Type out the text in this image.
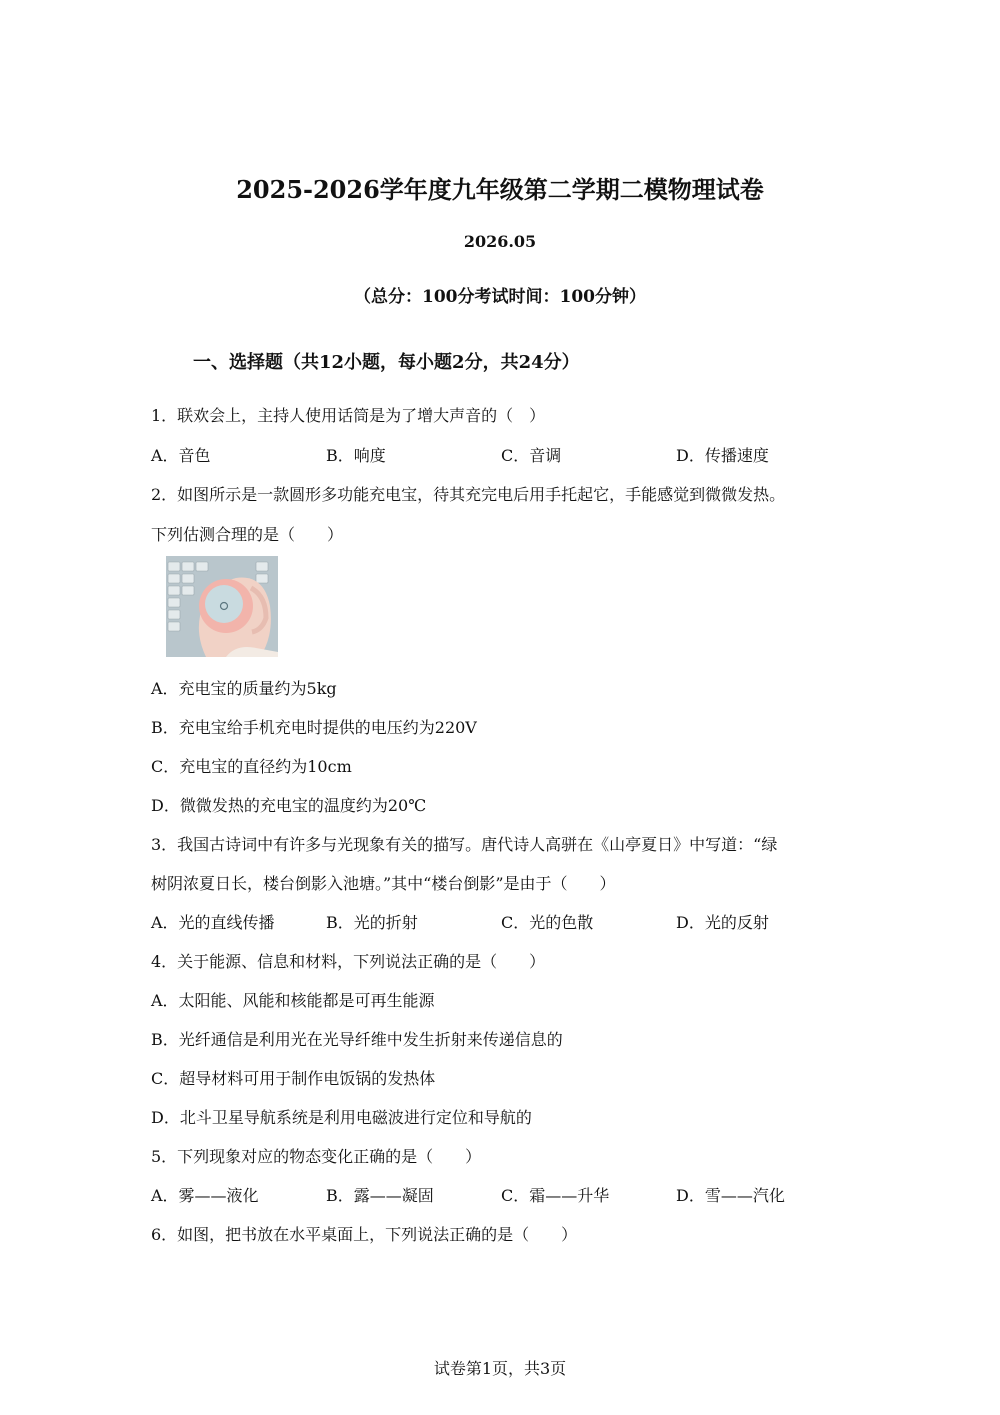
2025-2026学年度九年级第二学期二模物理试卷
2026.05
（总分：100分考试时间：100分钟）
一、选择题（共12小题，每小题2分，共24分）
1．联欢会上，主持人使用话筒是为了增大声音的（　）
A．音色	B．响度	C．音调	D．传播速度
2．如图所示是一款圆形多功能充电宝，待其充完电后用手托起它，手能感觉到微微发热。
下列估测合理的是（　　）
A．充电宝的质量约为5kg
B．充电宝给手机充电时提供的电压约为220V
C．充电宝的直径约为10cm
D．微微发热的充电宝的温度约为20℃
3．我国古诗词中有许多与光现象有关的描写。唐代诗人高骈在《山亭夏日》中写道：“绿
树阴浓夏日长，楼台倒影入池塘。”其中“楼台倒影”是由于（　　）
A．光的直线传播	B．光的折射	C．光的色散	D．光的反射
4．关于能源、信息和材料，下列说法正确的是（　　）
A．太阳能、风能和核能都是可再生能源
B．光纤通信是利用光在光导纤维中发生折射来传递信息的
C．超导材料可用于制作电饭锅的发热体
D．北斗卫星导航系统是利用电磁波进行定位和导航的
5．下列现象对应的物态变化正确的是（　　）
A．雾——液化	B．露——凝固	C．霜——升华	D．雪——汽化
6．如图，把书放在水平桌面上，下列说法正确的是（　　）
试卷第1页，共3页
